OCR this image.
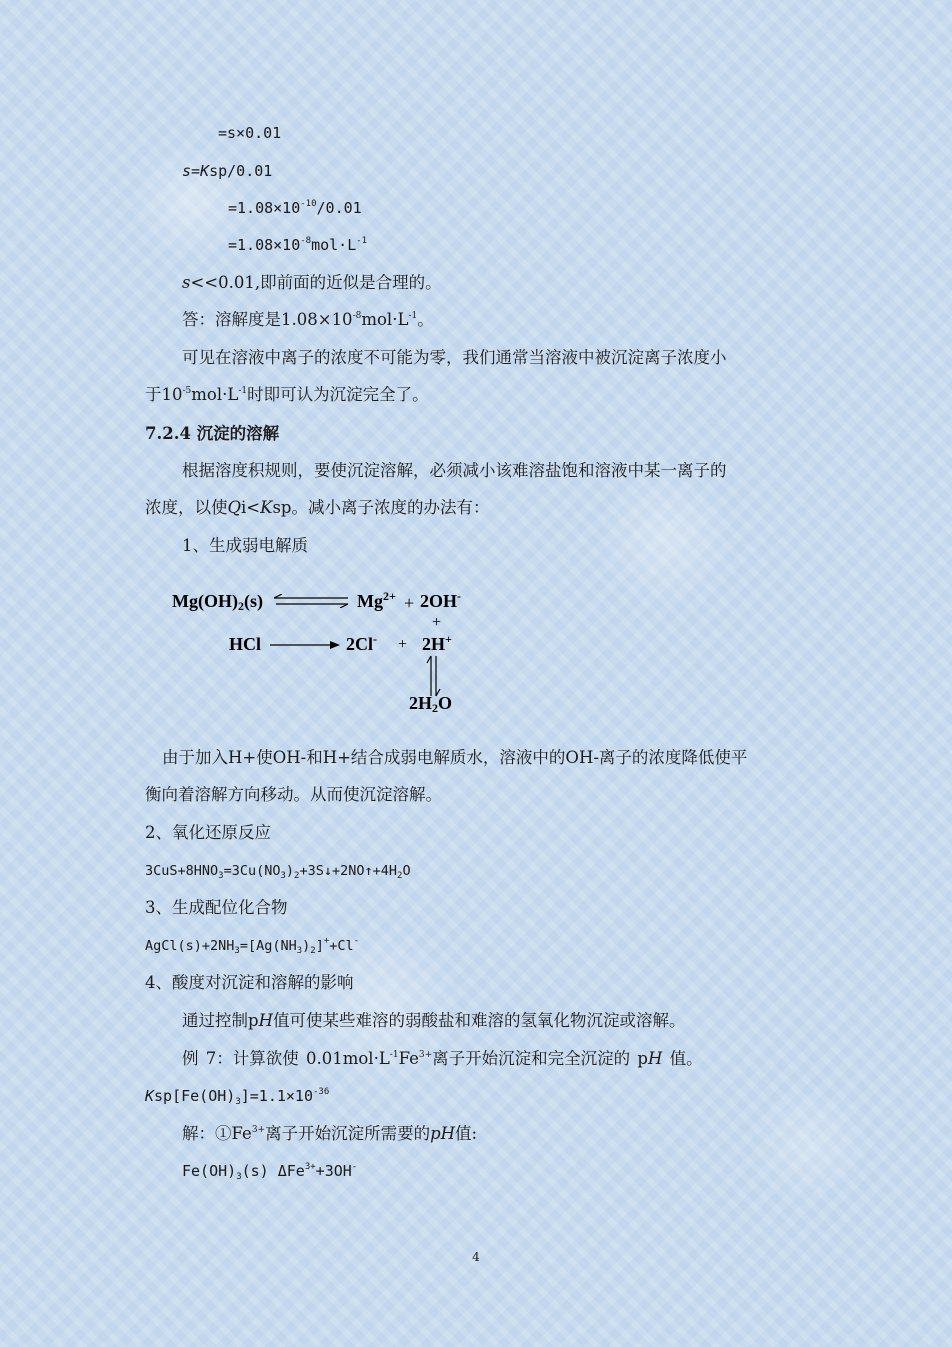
=s×0.01
s=Ksp/0.01
$=1.08\times 10^{-10}/0.01$
$=1.08\times 10^{-8}mol\cdot L^{-1}$
s<<0.01,即前面的近似是合理的。
答：溶解度是$1.08\times 10^{-8}mol\cdot L^{-1}$。
可见在溶液中离子的浓度不可能为零，我们通常当溶液中被沉淀离子浓度小
于$10^{-5}mol\cdot L^{-1}$时即可认为沉淀完全了。
7.2.4 沉淀的溶解
根据溶度积规则，要使沉淀溶解，必须减小该难溶盐饱和溶液中某一离子的
浓度，以使Qi<Ksp。减小离子浓度的办法有：
1、生成弱电解质
$Mg(OH)_2(s)$	$Mg^{2+} + 2OH^-$
+
HCl	2Cl- + 2H+
$2H_2O$
由于加入H+使OH-和H+结合成弱电解质水，溶液中的OH-离子的浓度降低使平
衡向着溶解方向移动。从而使沉淀溶解。
2、氧化还原反应
$3CuS+8HNO_3=3Cu(NO_3)_2+3S↓+2NO↑+4H_2O$
3、生成配位化合物
$AgCl(s)+2NH_3=[Ag(NH_3)_2]^++Cl^-$
4、酸度对沉淀和溶解的影响
通过控制pH值可使某些难溶的弱酸盐和难溶的氢氧化物沉淀或溶解。
例 7：计算欲使 $0.01mol\cdot L^{-1}Fe^{3+}$离子开始沉淀和完全沉淀的 pH 值。
$Ksp[Fe(OH)_3]=1.1\times 10^{-36}$
解：$①Fe^{3+}$离子开始沉淀所需要的pH值:
$Fe(OH)_3(s)$ ΔFe$^{3+}$+3OH-
4
